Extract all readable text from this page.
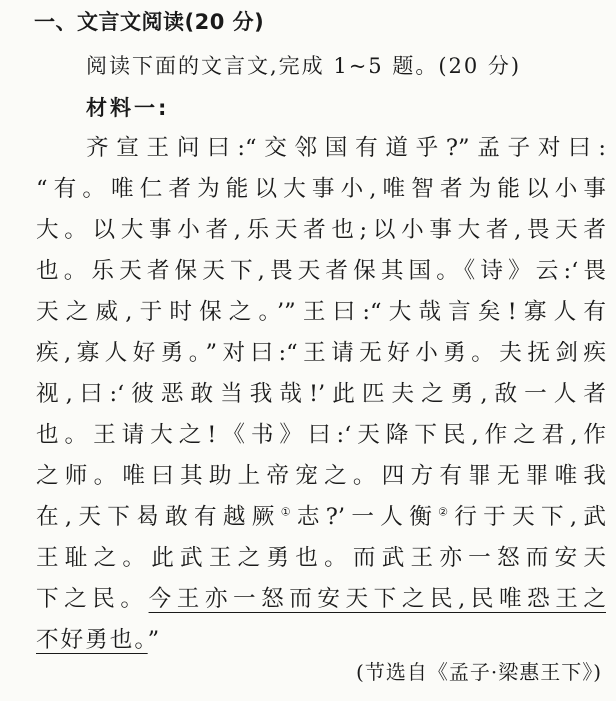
一、文言文阅读(20 分)
阅读下面的文言文,完成 1~5 题。(20 分)
材料一:
齐宣王问曰:“交邻国有道乎?”孟子对曰:
“有。唯仁者为能以大事小,唯智者为能以小事
大。以大事小者,乐天者也;以小事大者,畏天者
也。乐天者保天下,畏天者保其国。《诗》云:‘畏
天之威,于时保之。’”王曰:“大哉言矣!寡人有
疾,寡人好勇。”对曰:“王请无好小勇。夫抚剑疾
视,曰:‘彼恶敢当我哉!’此匹夫之勇,敌一人者
也。王请大之!《书》曰:‘天降下民,作之君,作
之师。唯曰其助上帝宠之。四方有罪无罪唯我
在,天下曷敢有越厥①志?’一人衡②行于天下,武
王耻之。此武王之勇也。而武王亦一怒而安天
下之民。今王亦一怒而安天下之民,民唯恐王之
不好勇也。”
(节选自《孟子·梁惠王下》)
